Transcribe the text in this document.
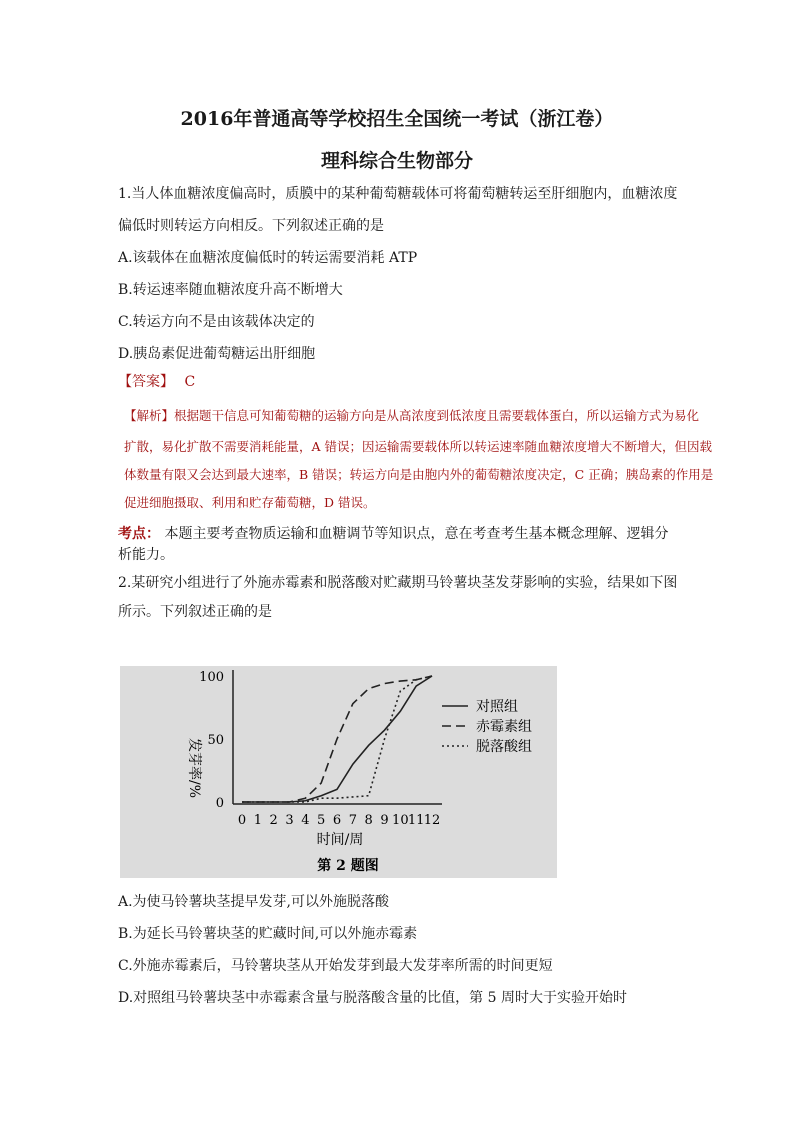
2016年普通高等学校招生全国统一考试（浙江卷）
理科综合生物部分
1.当人体血糖浓度偏高时，质膜中的某种葡萄糖载体可将葡萄糖转运至肝细胞内，血糖浓度
偏低时则转运方向相反。下列叙述正确的是
A.该载体在血糖浓度偏低时的转运需要消耗 ATP
B.转运速率随血糖浓度升高不断增大
C.转运方向不是由该载体决定的
D.胰岛素促进葡萄糖运出肝细胞
【答案】 C
【解析】根据题干信息可知葡萄糖的运输方向是从高浓度到低浓度且需要载体蛋白，所以运输方式为易化
扩散，易化扩散不需要消耗能量，A 错误；因运输需要载体所以转运速率随血糖浓度增大不断增大，但因载
体数量有限又会达到最大速率，B 错误；转运方向是由胞内外的葡萄糖浓度决定，C 正确；胰岛素的作用是
促进细胞摄取、利用和贮存葡萄糖，D 错误。
考点： 本题主要考查物质运输和血糖调节等知识点，意在考查考生基本概念理解、逻辑分
析能力。
2.某研究小组进行了外施赤霉素和脱落酸对贮藏期马铃薯块茎发芽影响的实验，结果如下图
所示。下列叙述正确的是
0
50
100
0 1 2 3 4 5 6 7 8 9 10 11 12
对照组
赤霉素组
脱落酸组
发芽率/%
时间/周
第 2 题图
A.为使马铃薯块茎提早发芽,可以外施脱落酸
B.为延长马铃薯块茎的贮藏时间,可以外施赤霉素
C.外施赤霉素后，马铃薯块茎从开始发芽到最大发芽率所需的时间更短
D.对照组马铃薯块茎中赤霉素含量与脱落酸含量的比值，第 5 周时大于实验开始时
